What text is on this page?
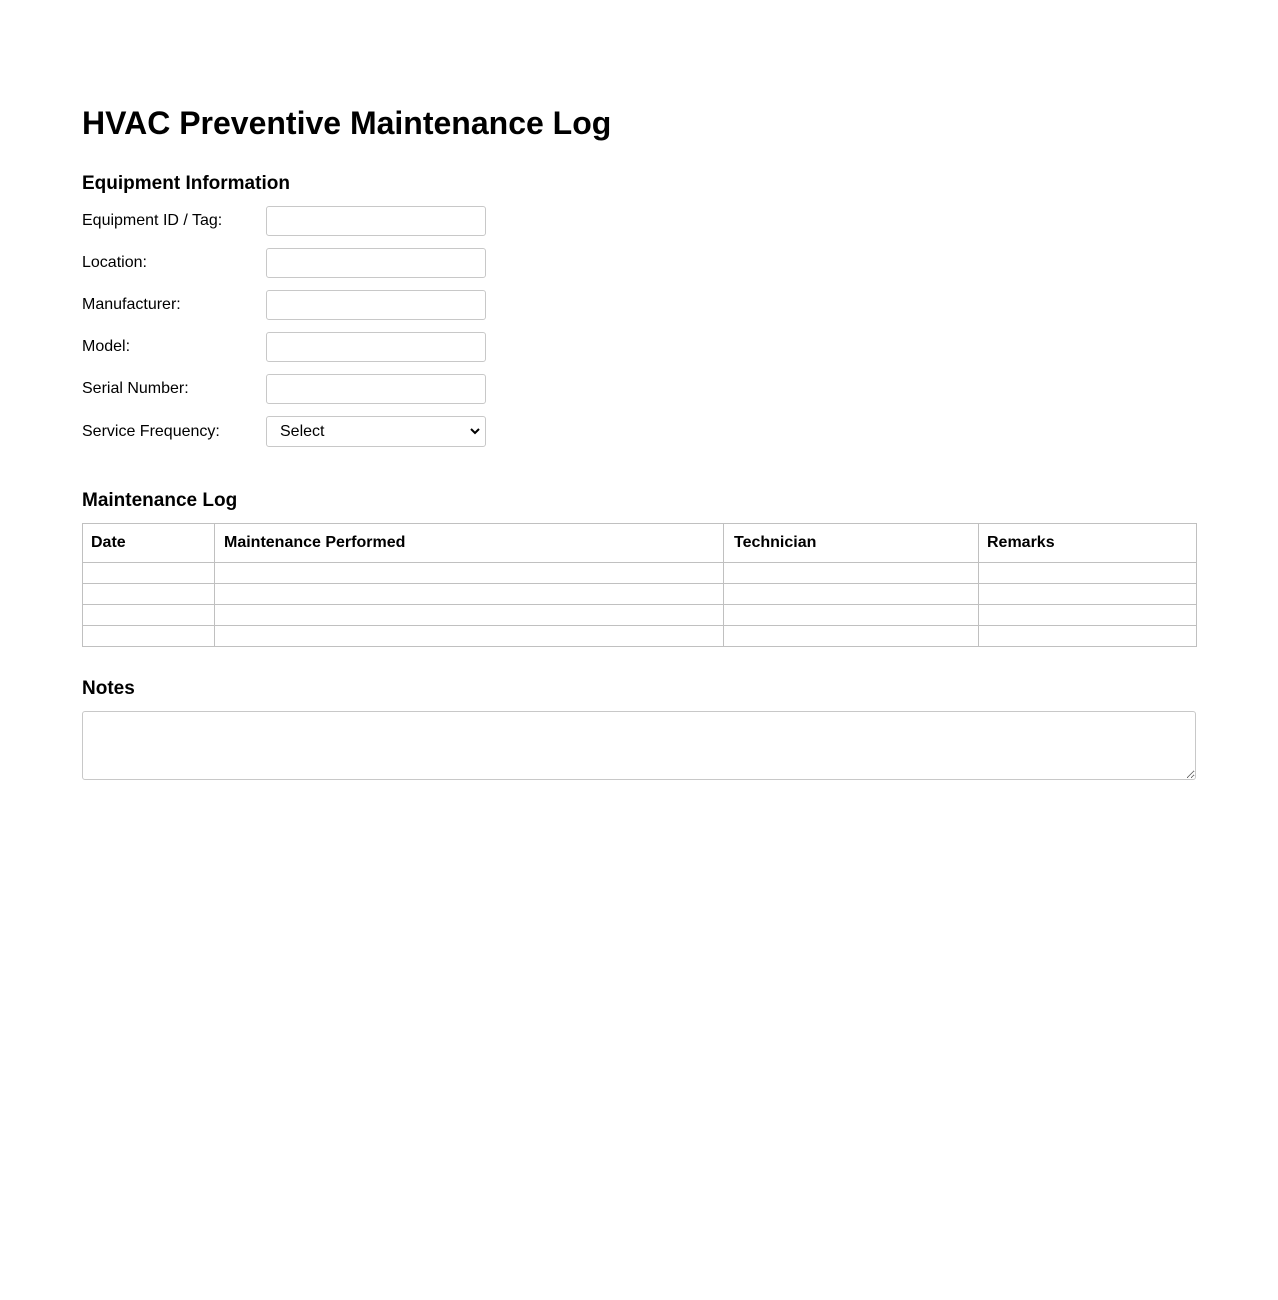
HVAC Preventive Maintenance Log
Equipment Information
Equipment ID / Tag:
Location:
Manufacturer:
Model:
Serial Number:
Service Frequency:	Select
Maintenance Log
Date	Maintenance Performed	Technician	Remarks

Notes
